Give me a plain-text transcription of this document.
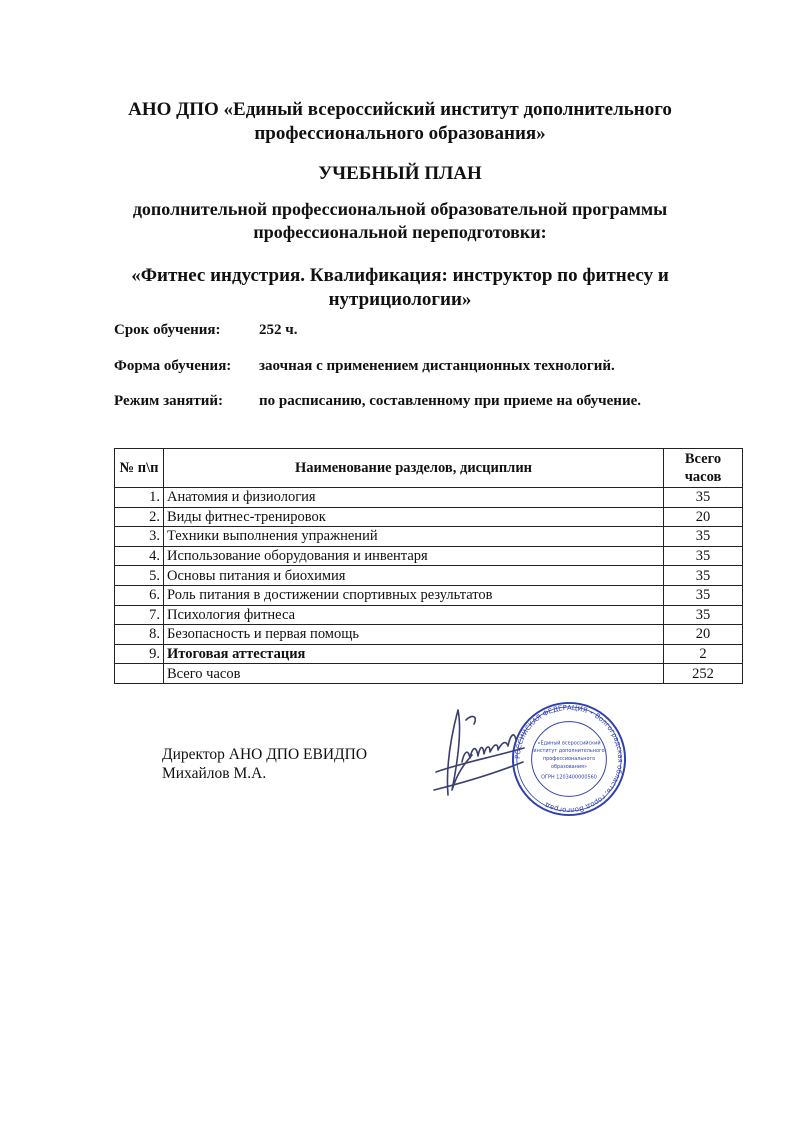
АНО ДПО «Единый всероссийский институт дополнительного
профессионального образования»
УЧЕБНЫЙ ПЛАН
дополнительной профессиональной образовательной программы
профессиональной переподготовки:
«Фитнес индустрия. Квалификация: инструктор по фитнесу и
нутрициологии»
Срок обучения:	252 ч.
Форма обучения: заочная с применением дистанционных технологий.
Режим занятий: по расписанию, составленному при приеме на обучение.
№ п\п	Наименование разделов, дисциплин	Всего
часов

1.	Анатомия и физиология	35
2.	Виды фитнес-тренировок	20
3.	Техники выполнения упражнений	35
4.	Использование оборудования и инвентаря	35
5.	Основы питания и биохимия	35
6.	Роль питания в достижении спортивных результатов	35
7.	Психология фитнеса	35
8.	Безопасность и первая помощь	20
9.	Итоговая аттестация	2
	Всего часов	252
Директор АНО ДПО ЕВИДПО
Михайлов М.А.
РОССИЙСКАЯ ФЕДЕРАЦИЯ • Волгоградская область, город Волгоград
«Единый всероссийский
институт дополнительного
профессионального
образования»
ОГРН 1203400000560
